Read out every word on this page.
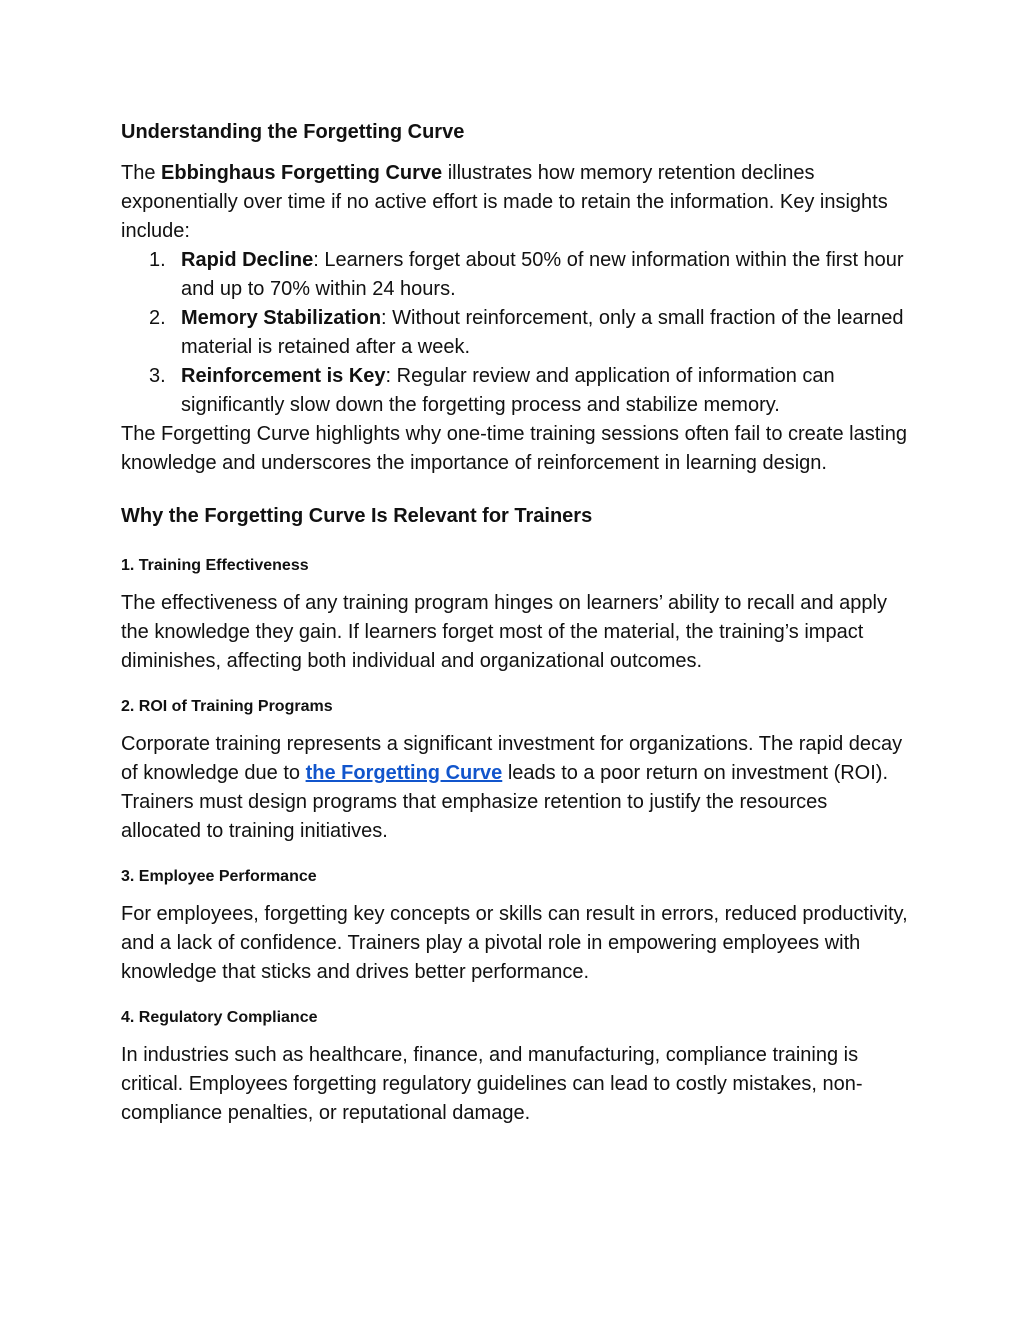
Understanding the Forgetting Curve

The Ebbinghaus Forgetting Curve illustrates how memory retention declines exponentially over time if no active effort is made to retain the information. Key insights include:

1. Rapid Decline: Learners forget about 50% of new information within the first hour and up to 70% within 24 hours.
2. Memory Stabilization: Without reinforcement, only a small fraction of the learned material is retained after a week.
3. Reinforcement is Key: Regular review and application of information can significantly slow down the forgetting process and stabilize memory.

The Forgetting Curve highlights why one-time training sessions often fail to create lasting knowledge and underscores the importance of reinforcement in learning design.

Why the Forgetting Curve Is Relevant for Trainers
1. Training Effectiveness

The effectiveness of any training program hinges on learners’ ability to recall and apply the knowledge they gain. If learners forget most of the material, the training’s impact diminishes, affecting both individual and organizational outcomes.

2. ROI of Training Programs

Corporate training represents a significant investment for organizations. The rapid decay of knowledge due to the Forgetting Curve leads to a poor return on investment (ROI). Trainers must design programs that emphasize retention to justify the resources allocated to training initiatives.

3. Employee Performance

For employees, forgetting key concepts or skills can result in errors, reduced productivity, and a lack of confidence. Trainers play a pivotal role in empowering employees with knowledge that sticks and drives better performance.

4. Regulatory Compliance

In industries such as healthcare, finance, and manufacturing, compliance training is critical. Employees forgetting regulatory guidelines can lead to costly mistakes, non-compliance penalties, or reputational damage.
